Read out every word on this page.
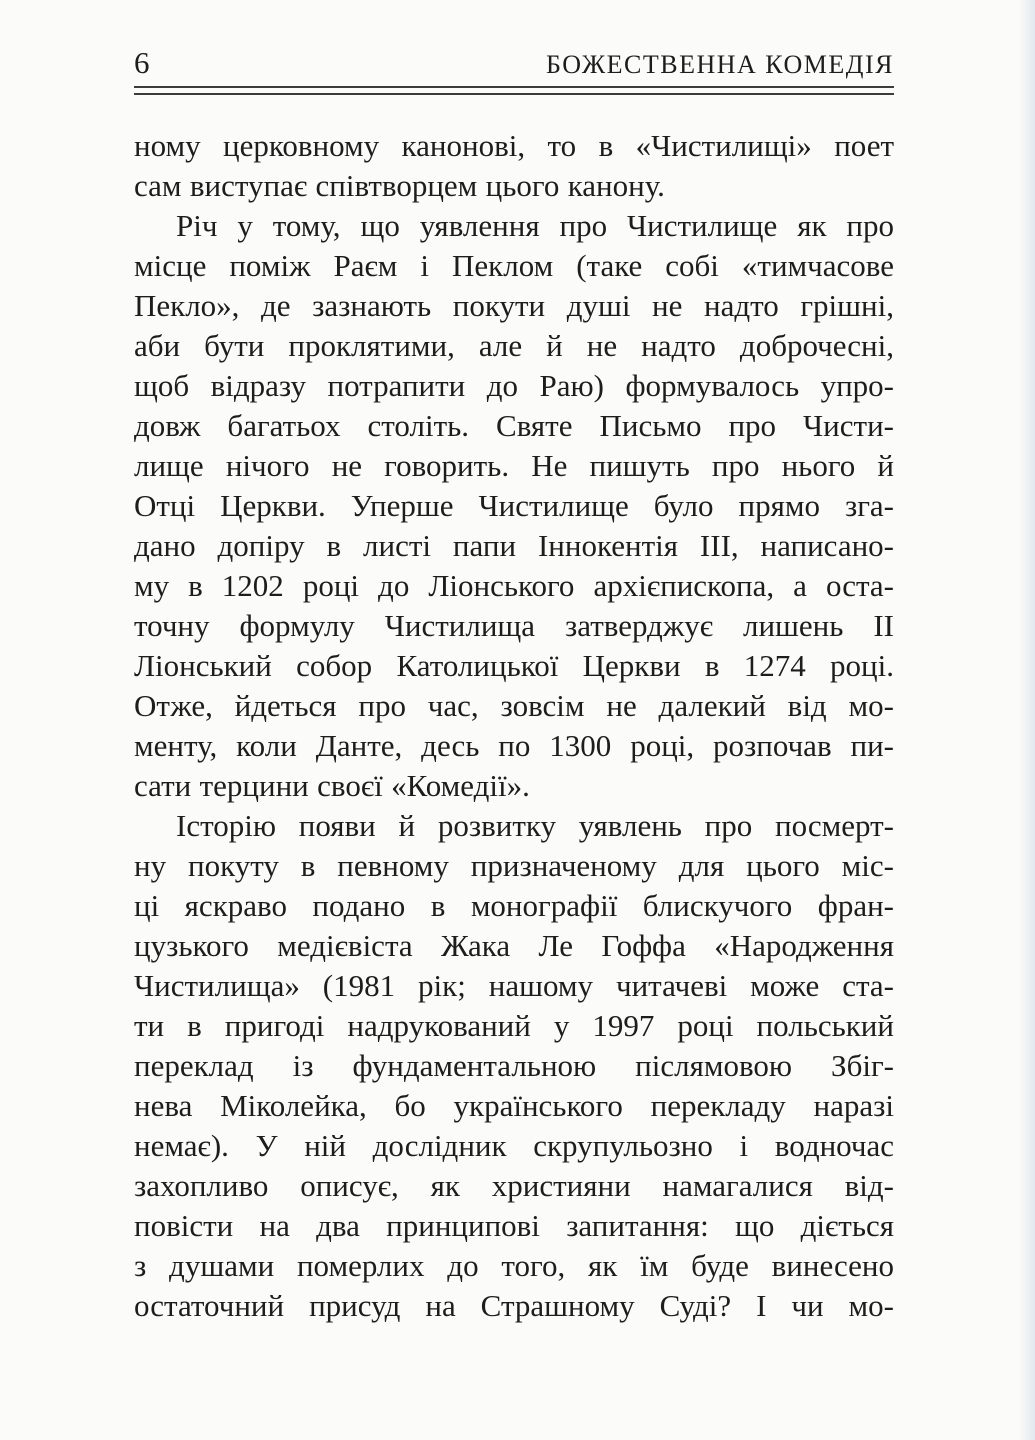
6	БОЖЕСТВЕННА КОМЕДІЯ
ному церковному канонові, то в «Чистилищі» поет
сам виступає співтворцем цього канону.
Річ у тому, що уявлення про Чистилище як про
місце поміж Раєм і Пеклом (таке собі «тимчасове
Пекло», де зазнають покути душі не надто грішні,
аби бути проклятими, але й не надто доброчесні,
щоб відразу потрапити до Раю) формувалось упро-
довж багатьох століть. Святе Письмо про Чисти-
лище нічого не говорить. Не пишуть про нього й
Отці Церкви. Уперше Чистилище було прямо зга-
дано допіру в листі папи Іннокентія III, написано-
му в 1202 році до Ліонського архієпископа, а оста-
точну формулу Чистилища затверджує лишень II
Ліонський собор Католицької Церкви в 1274 році.
Отже, йдеться про час, зовсім не далекий від мо-
менту, коли Данте, десь по 1300 році, розпочав пи-
сати терцини своєї «Комедії».
Історію появи й розвитку уявлень про посмерт-
ну покуту в певному призначеному для цього міс-
ці яскраво подано в монографії блискучого фран-
цузького медієвіста Жака Ле Гоффа «Народження
Чистилища» (1981 рік; нашому читачеві може ста-
ти в пригоді надрукований у 1997 році польський
переклад із фундаментальною післямовою Збіг-
нева Міколейка, бо українського перекладу наразі
немає). У ній дослідник скрупульозно і водночас
захопливо описує, як християни намагалися від-
повісти на два принципові запитання: що діється
з душами померлих до того, як їм буде винесено
остаточний присуд на Страшному Суді? І чи мо-
